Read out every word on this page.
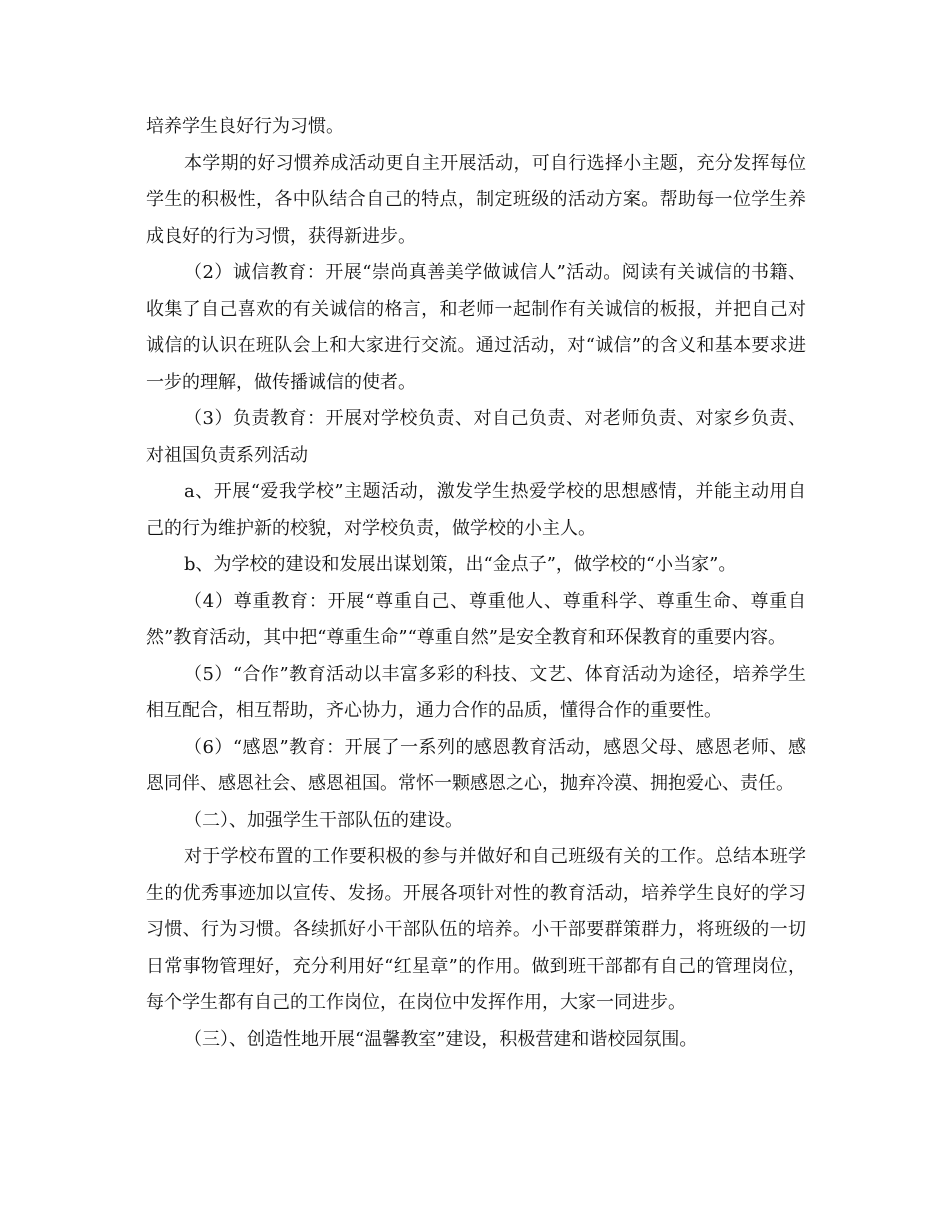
培养学生良好行为习惯。

本学期的好习惯养成活动更自主开展活动，可自行选择小主题，充分发挥每位学生的积极性，各中队结合自己的特点，制定班级的活动方案。帮助每一位学生养成良好的行为习惯，获得新进步。

（2）诚信教育：开展“崇尚真善美学做诚信人”活动。阅读有关诚信的书籍、收集了自己喜欢的有关诚信的格言，和老师一起制作有关诚信的板报，并把自己对诚信的认识在班队会上和大家进行交流。通过活动，对“诚信”的含义和基本要求进一步的理解，做传播诚信的使者。

（3）负责教育：开展对学校负责、对自己负责、对老师负责、对家乡负责、对祖国负责系列活动

a、开展“爱我学校”主题活动，激发学生热爱学校的思想感情，并能主动用自己的行为维护新的校貌，对学校负责，做学校的小主人。

b、为学校的建设和发展出谋划策，出“金点子”，做学校的“小当家”。

（4）尊重教育：开展“尊重自己、尊重他人、尊重科学、尊重生命、尊重自然”教育活动，其中把“尊重生命”“尊重自然”是安全教育和环保教育的重要内容。

（5）“合作”教育活动以丰富多彩的科技、文艺、体育活动为途径，培养学生相互配合，相互帮助，齐心协力，通力合作的品质，懂得合作的重要性。

（6）“感恩”教育：开展了一系列的感恩教育活动，感恩父母、感恩老师、感恩同伴、感恩社会、感恩祖国。常怀一颗感恩之心，抛弃冷漠、拥抱爱心、责任。

（二）、加强学生干部队伍的建设。

对于学校布置的工作要积极的参与并做好和自己班级有关的工作。总结本班学生的优秀事迹加以宣传、发扬。开展各项针对性的教育活动，培养学生良好的学习习惯、行为习惯。各续抓好小干部队伍的培养。小干部要群策群力，将班级的一切日常事物管理好，充分利用好“红星章”的作用。做到班干部都有自己的管理岗位，每个学生都有自己的工作岗位，在岗位中发挥作用，大家一同进步。

（三）、创造性地开展“温馨教室”建设，积极营建和谐校园氛围。
